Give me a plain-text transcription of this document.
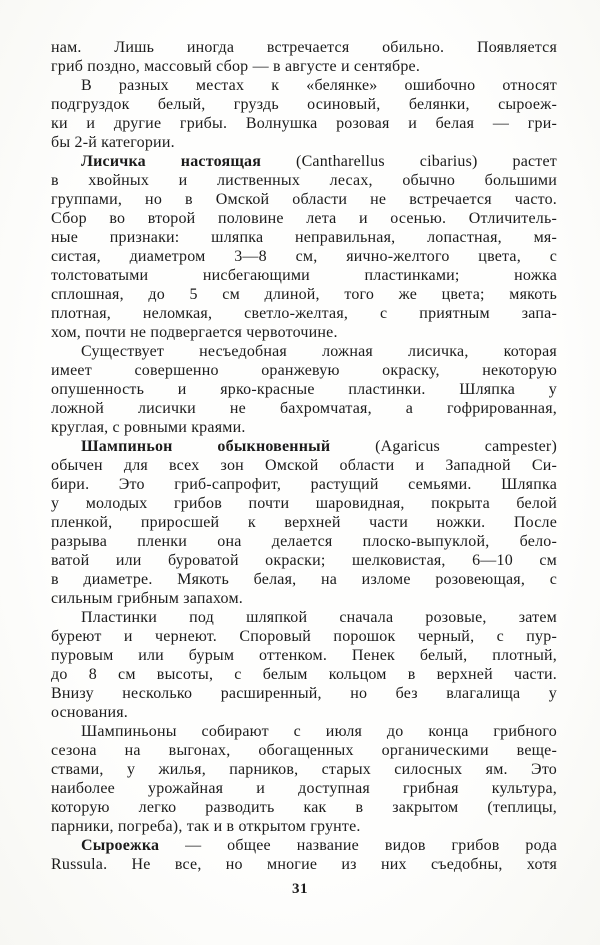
нам. Лишь иногда встречается обильно. Появляется
гриб поздно, массовый сбор — в августе и сентябре.
В разных местах к «белянке» ошибочно относят
подгруздок белый, груздь осиновый, белянки, сыроеж-
ки и другие грибы. Волнушка розовая и белая — гри-
бы 2-й категории.
Лисичка настоящая (Cantharellus cibarius) растет
в хвойных и лиственных лесах, обычно большими
группами, но в Омской области не встречается часто.
Сбор во второй половине лета и осенью. Отличитель-
ные признаки: шляпка неправильная, лопастная, мя-
систая, диаметром 3—8 см, яично-желтого цвета, с
толстоватыми нисбегающими пластинками; ножка
сплошная, до 5 см длиной, того же цвета; мякоть
плотная, неломкая, светло-желтая, с приятным запа-
хом, почти не подвергается червоточине.
Существует несъедобная ложная лисичка, которая
имеет совершенно оранжевую окраску, некоторую
опушенность и ярко-красные пластинки. Шляпка у
ложной лисички не бахромчатая, а гофрированная,
круглая, с ровными краями.
Шампиньон обыкновенный (Agaricus campester)
обычен для всех зон Омской области и Западной Си-
бири. Это гриб-сапрофит, растущий семьями. Шляпка
у молодых грибов почти шаровидная, покрыта белой
пленкой, приросшей к верхней части ножки. После
разрыва пленки она делается плоско-выпуклой, бело-
ватой или буроватой окраски; шелковистая, 6—10 см
в диаметре. Мякоть белая, на изломе розовеющая, с
сильным грибным запахом.
Пластинки под шляпкой сначала розовые, затем
буреют и чернеют. Споровый порошок черный, с пур-
пуровым или бурым оттенком. Пенек белый, плотный,
до 8 см высоты, с белым кольцом в верхней части.
Внизу несколько расширенный, но без влагалища у
основания.
Шампиньоны собирают с июля до конца грибного
сезона на выгонах, обогащенных органическими веще-
ствами, у жилья, парников, старых силосных ям. Это
наиболее урожайная и доступная грибная культура,
которую легко разводить как в закрытом (теплицы,
парники, погреба), так и в открытом грунте.
Сыроежка — общее название видов грибов рода
Russula. Не все, но многие из них съедобны, хотя
31
